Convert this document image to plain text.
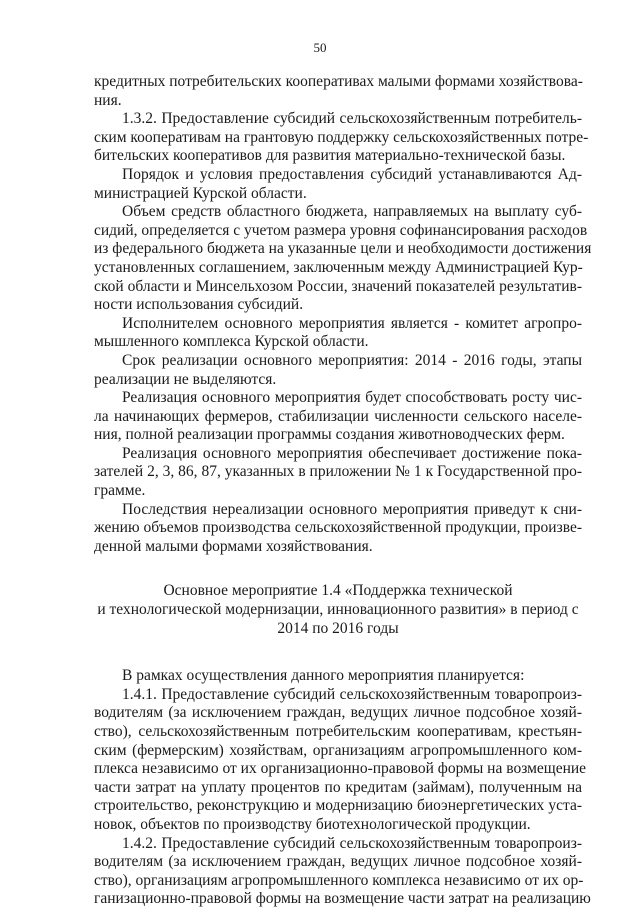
50
кредитных потребительских кооперативах малыми формами хозяйствова-
ния.
1.3.2. Предоставление субсидий сельскохозяйственным потребитель-
ским кооперативам на грантовую поддержку сельскохозяйственных потре-
бительских кооперативов для развития материально-технической базы.
Порядок и условия предоставления субсидий устанавливаются Ад-
министрацией Курской области.
Объем средств областного бюджета, направляемых на выплату суб-
сидий, определяется с учетом размера уровня софинансирования расходов
из федерального бюджета на указанные цели и необходимости достижения
установленных соглашением, заключенным между Администрацией Кур-
ской области и Минсельхозом России, значений показателей результатив-
ности использования субсидий.
Исполнителем основного мероприятия является - комитет агропро-
мышленного комплекса Курской области.
Срок реализации основного мероприятия: 2014 - 2016 годы, этапы
реализации не выделяются.
Реализация основного мероприятия будет способствовать росту чис-
ла начинающих фермеров, стабилизации численности сельского населе-
ния, полной реализации программы создания животноводческих ферм.
Реализация основного мероприятия обеспечивает достижение пока-
зателей 2, 3, 86, 87, указанных в приложении № 1 к Государственной про-
грамме.
Последствия нереализации основного мероприятия приведут к сни-
жению объемов производства сельскохозяйственной продукции, произве-
денной малыми формами хозяйствования.
Основное мероприятие 1.4 «Поддержка технической
и технологической модернизации, инновационного развития» в период с
2014 по 2016 годы
В рамках осуществления данного мероприятия планируется:
1.4.1. Предоставление субсидий сельскохозяйственным товаропроиз-
водителям (за исключением граждан, ведущих личное подсобное хозяй-
ство), сельскохозяйственным потребительским кооперативам, крестьян-
ским (фермерским) хозяйствам, организациям агропромышленного ком-
плекса независимо от их организационно-правовой формы на возмещение
части затрат на уплату процентов по кредитам (займам), полученным на
строительство, реконструкцию и модернизацию биоэнергетических уста-
новок, объектов по производству биотехнологической продукции.
1.4.2. Предоставление субсидий сельскохозяйственным товаропроиз-
водителям (за исключением граждан, ведущих личное подсобное хозяй-
ство), организациям агропромышленного комплекса независимо от их ор-
ганизационно-правовой формы на возмещение части затрат на реализацию
